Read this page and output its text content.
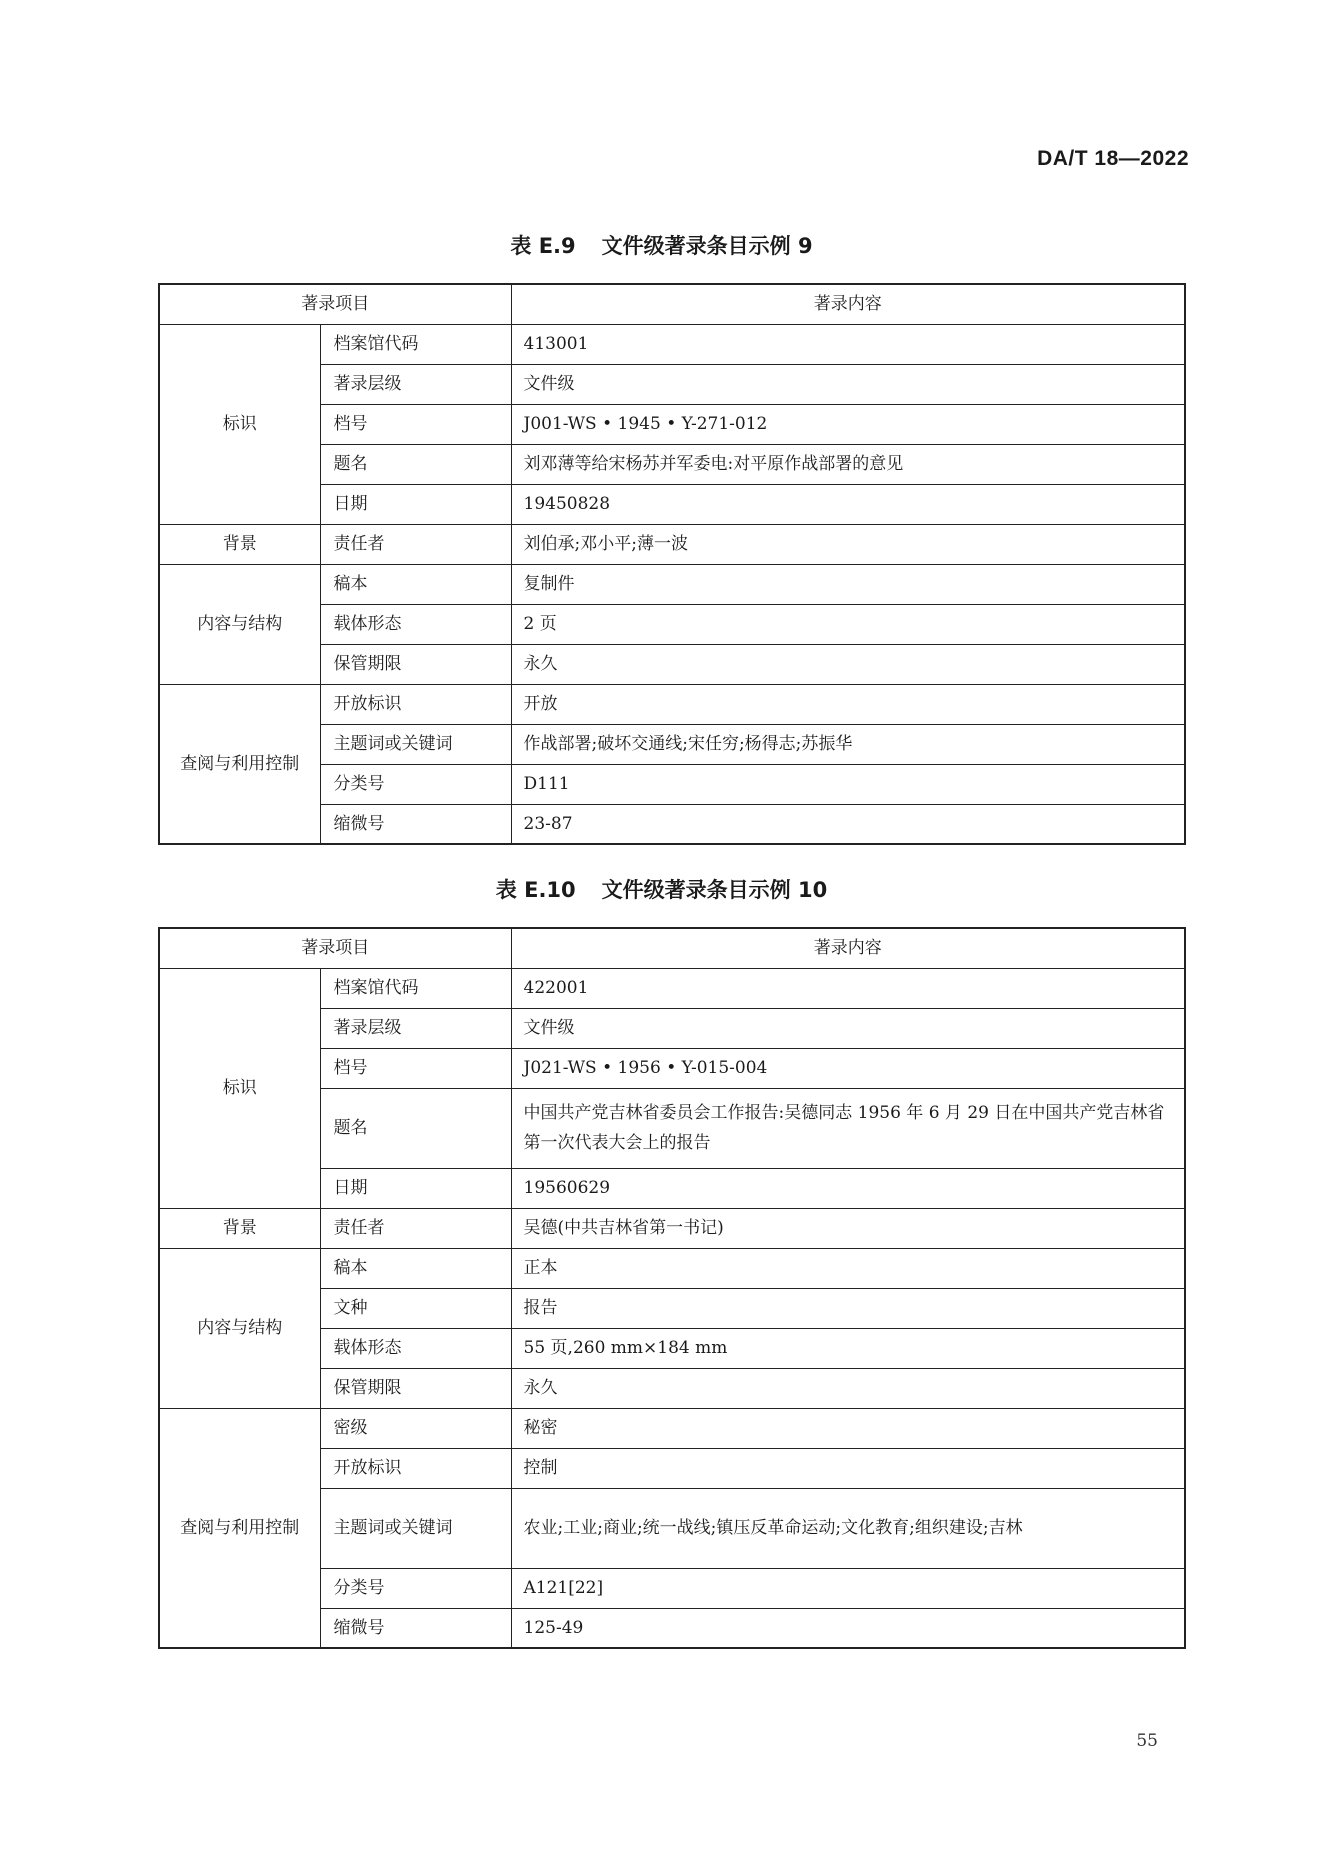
DA/T 18—2022
表 E.9 文件级著录条目示例 9
著录项目		著录内容
标识	档案馆代码	413001
	著录层级	文件级
	档号	J001-WS • 1945 • Y-271-012
	题名	刘邓薄等给宋杨苏并军委电:对平原作战部署的意见
	日期	19450828
背景	责任者	刘伯承;邓小平;薄一波
内容与结构	稿本	复制件
	载体形态	2 页
	保管期限	永久
查阅与利用控制	开放标识	开放
	主题词或关键词	作战部署;破坏交通线;宋任穷;杨得志;苏振华
	分类号	D111
	缩微号	23-87
表 E.10 文件级著录条目示例 10
著录项目		著录内容
标识	档案馆代码	422001
	著录层级	文件级
	档号	J021-WS • 1956 • Y-015-004
	题名	中国共产党吉林省委员会工作报告:吴德同志 1956 年 6 月 29 日在中国共产党吉林省第一次代表大会上的报告
	日期	19560629
背景	责任者	吴德(中共吉林省第一书记)
内容与结构	稿本	正本
	文种	报告
	载体形态	55 页,260 mm×184 mm
	保管期限	永久
查阅与利用控制	密级	秘密
	开放标识	控制
	主题词或关键词	农业;工业;商业;统一战线;镇压反革命运动;文化教育;组织建设;吉林
	分类号	A121[22]
	缩微号	125-49
55
